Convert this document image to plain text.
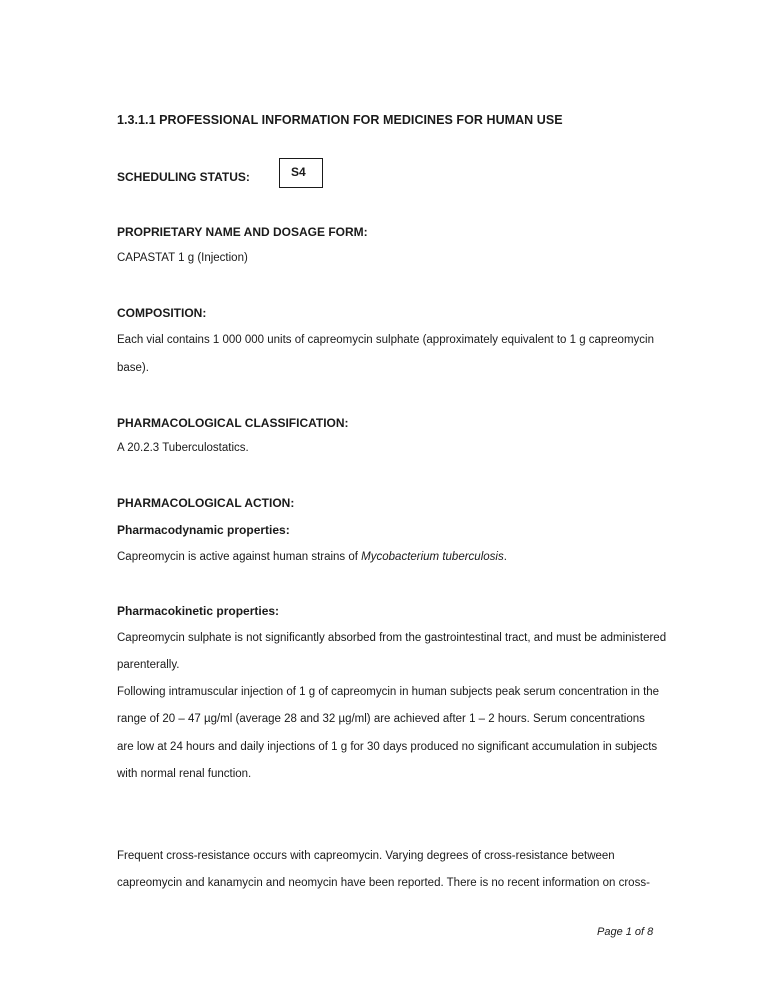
1.3.1.1 PROFESSIONAL INFORMATION FOR MEDICINES FOR HUMAN USE

SCHEDULING STATUS:	S4

PROPRIETARY NAME AND DOSAGE FORM:

CAPASTAT 1 g (Injection)

COMPOSITION:

Each vial contains 1 000 000 units of capreomycin sulphate (approximately equivalent to 1 g capreomycin

base).

PHARMACOLOGICAL CLASSIFICATION:

A 20.2.3 Tuberculostatics.

PHARMACOLOGICAL ACTION:

Pharmacodynamic properties:

Capreomycin is active against human strains of Mycobacterium tuberculosis.

Pharmacokinetic properties:

Capreomycin sulphate is not significantly absorbed from the gastrointestinal tract, and must be administered

parenterally.

Following intramuscular injection of 1 g of capreomycin in human subjects peak serum concentration in the

range of 20 – 47 µg/ml (average 28 and 32 µg/ml) are achieved after 1 – 2 hours. Serum concentrations

are low at 24 hours and daily injections of 1 g for 30 days produced no significant accumulation in subjects

with normal renal function.

Frequent cross-resistance occurs with capreomycin. Varying degrees of cross-resistance between

capreomycin and kanamycin and neomycin have been reported. There is no recent information on cross-

Page 1 of 8
